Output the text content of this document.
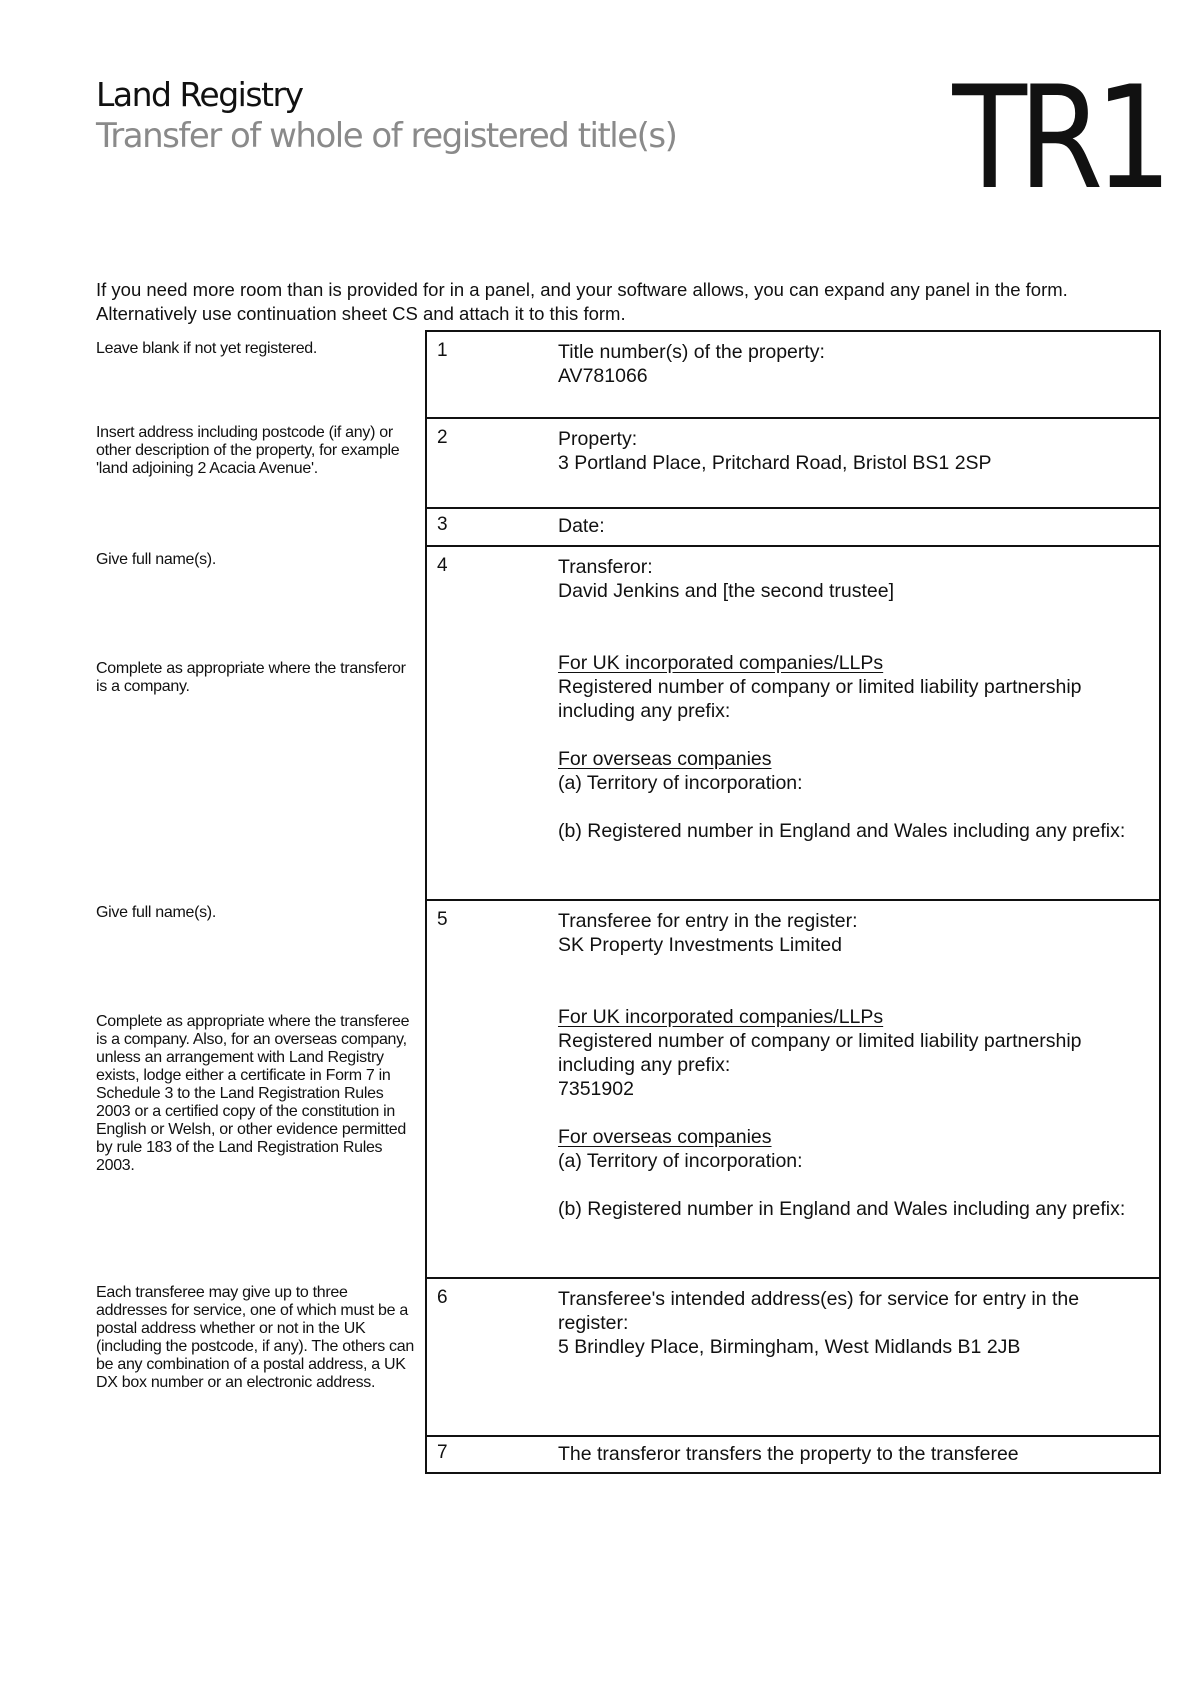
Land Registry
Transfer of whole of registered title(s) TR1
If you need more room than is provided for in a panel, and your software allows, you can expand any panel in the form. Alternatively use continuation sheet CS and attach it to this form.
Leave blank if not yet registered.
Insert address including postcode (if any) or other description of the property, for example 'land adjoining 2 Acacia Avenue'.
Give full name(s).
Complete as appropriate where the transferor is a company.
Give full name(s).
Complete as appropriate where the transferee is a company. Also, for an overseas company, unless an arrangement with Land Registry exists, lodge either a certificate in Form 7 in Schedule 3 to the Land Registration Rules 2003 or a certified copy of the constitution in English or Welsh, or other evidence permitted by rule 183 of the Land Registration Rules 2003.
Each transferee may give up to three addresses for service, one of which must be a postal address whether or not in the UK (including the postcode, if any). The others can be any combination of a postal address, a UK DX box number or an electronic address.
1	Title number(s) of the property:
AV781066
2	Property:
3 Portland Place, Pritchard Road, Bristol BS1 2SP
3	Date:
4	Transferor:
David Jenkins and [the second trustee]
For UK incorporated companies/LLPs
Registered number of company or limited liability partnership including any prefix:
For overseas companies
(a) Territory of incorporation:
(b) Registered number in England and Wales including any prefix:
5	Transferee for entry in the register:
SK Property Investments Limited
For UK incorporated companies/LLPs
Registered number of company or limited liability partnership including any prefix:
7351902
For overseas companies
(a) Territory of incorporation:
(b) Registered number in England and Wales including any prefix:
6	Transferee's intended address(es) for service for entry in the register:
5 Brindley Place, Birmingham, West Midlands B1 2JB
7	The transferor transfers the property to the transferee
